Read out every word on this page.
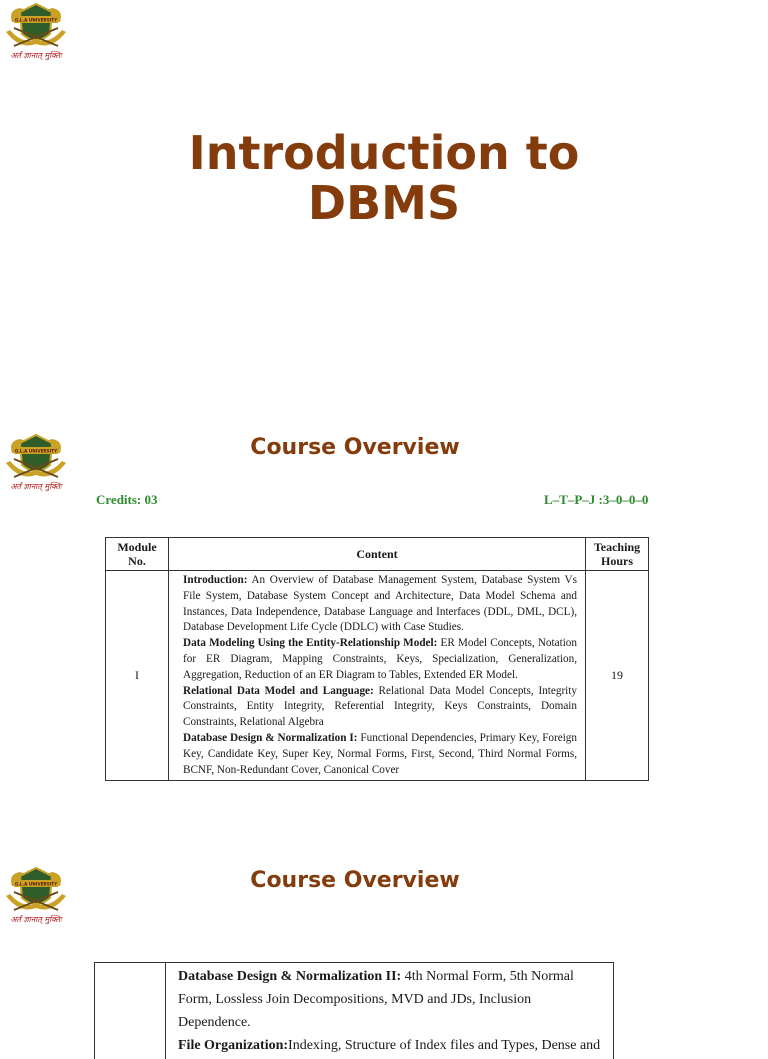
G.L.A UNIVERSITY
अर्तं ज्ञानात् मुक्तिः
Introduction to
DBMS
G.L.A UNIVERSITY
अर्तं ज्ञानात् मुक्तिः
Course Overview
Credits: 03	L–T–P–J :3–0–0–0
Module No.	Content	Teaching Hours
I	Introduction: An Overview of Database Management System, Database System Vs File System, Database System Concept and Architecture, Data Model Schema and Instances, Data Independence, Database Language and Interfaces (DDL, DML, DCL), Database Development Life Cycle (DDLC) with Case Studies.

Data Modeling Using the Entity-Relationship Model: ER Model Concepts, Notation for ER Diagram, Mapping Constraints, Keys, Specialization, Generalization, Aggregation, Reduction of an ER Diagram to Tables, Extended ER Model.

Relational Data Model and Language: Relational Data Model Concepts, Integrity Constraints, Entity Integrity, Referential Integrity, Keys Constraints, Domain Constraints, Relational Algebra

Database Design & Normalization I: Functional Dependencies, Primary Key, Foreign Key, Candidate Key, Super Key, Normal Forms, First, Second, Third Normal Forms, BCNF, Non-Redundant Cover, Canonical Cover	19
G.L.A UNIVERSITY
अर्तं ज्ञानात् मुक्तिः
Course Overview

Database Design & Normalization II: 4th Normal Form, 5th Normal Form, Lossless Join Decompositions, MVD and JDs, Inclusion Dependence.
File Organization:Indexing, Structure of Index files and Types, Dense and
